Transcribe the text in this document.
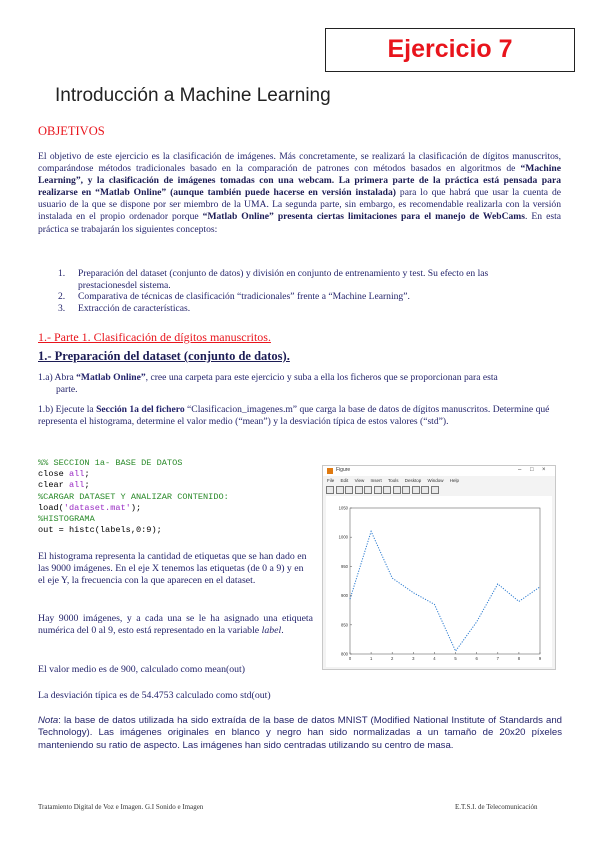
Ejercicio 7
Introducción a Machine Learning
OBJETIVOS
El objetivo de este ejercicio es la clasificación de imágenes. Más concretamente, se realizará la clasificación de dígitos manuscritos, comparándose métodos tradicionales basado en la comparación de patrones con métodos basados en algoritmos de “Machine Learning”, y la clasificación de imágenes tomadas con una webcam. La primera parte de la práctica está pensada para realizarse en “Matlab Online” (aunque también puede hacerse en versión instalada) para lo que habrá que usar la cuenta de usuario de la que se dispone por ser miembro de la UMA. La segunda parte, sin embargo, es recomendable realizarla con la versión instalada en el propio ordenador porque “Matlab Online” presenta ciertas limitaciones para el manejo de WebCams. En esta práctica se trabajarán los siguientes conceptos:
1. Preparación del dataset (conjunto de datos) y división en conjunto de entrenamiento y test. Su efecto en las
prestacionesdel sistema.
2. Comparativa de técnicas de clasificación “tradicionales” frente a “Machine Learning”.
3. Extracción de características.
1.- Parte 1. Clasificación de dígitos manuscritos.
1.- Preparación del dataset (conjunto de datos).
1.a) Abra “Matlab Online”, cree una carpeta para este ejercicio y suba a ella los ficheros que se proporcionan para esta
parte.
1.b) Ejecute la Sección 1a del fichero “Clasificacion_imagenes.m” que carga la base de datos de dígitos manuscritos. Determine qué representa el histograma, determine el valor medio (“mean”) y la desviación típica de estos valores (“std”).
%% SECCION 1a- BASE DE DATOS
close all;
clear all;
%CARGAR DATASET Y ANALIZAR CONTENIDO:
load('dataset.mat');
%HISTOGRAMA
out = histc(labels,0:9);
El histograma representa la cantidad de etiquetas que se han dado en las 9000 imágenes. En el eje X tenemos las etiquetas (de 0 a 9) y en el eje Y, la frecuencia con la que aparecen en el dataset.
Hay 9000 imágenes, y a cada una se le ha asignado una etiqueta numérica del 0 al 9, esto está representado en la variable label.
El valor medio es de 900, calculado como mean(out)
La desviación típica es de 54.4753 calculado como std(out)
Figure	– □ ×
File Edit View Insert Tools Desktop Window Help
800
850
900
950
1000
1050
0	1	2	3	4	5	6	7	8	9
Nota: la base de datos utilizada ha sido extraída de la base de datos MNIST (Modified National Institute of Standards and Technology). Las imágenes originales en blanco y negro han sido normalizadas a un tamaño de 20x20 píxeles manteniendo su ratio de aspecto. Las imágenes han sido centradas utilizando su centro de masa.
Tratamiento Digital de Voz e Imagen. G.I Sonido e Imagen	E.T.S.I. de Telecomunicación
